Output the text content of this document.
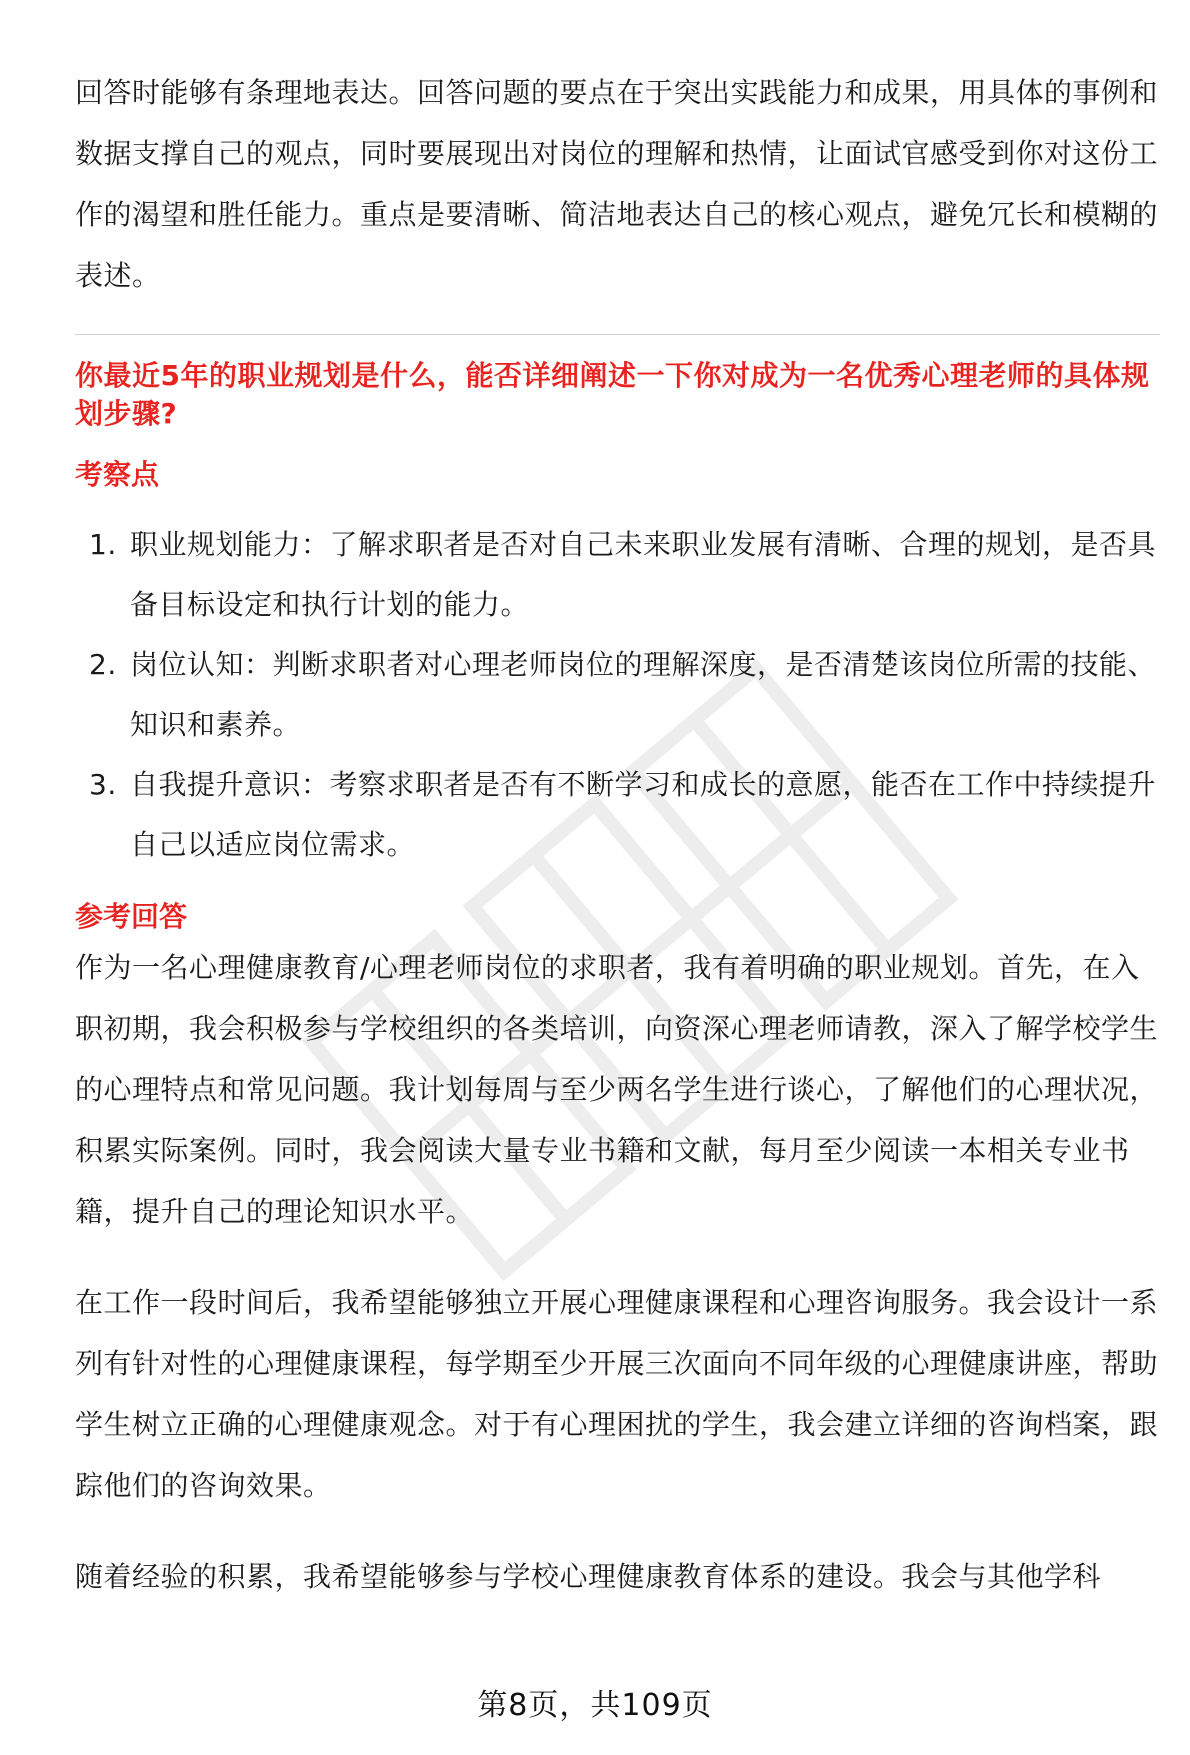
回答时能够有条理地表达。回答问题的要点在于突出实践能力和成果，用具体的事例和数据支撑自己的观点，同时要展现出对岗位的理解和热情，让面试官感受到你对这份工作的渴望和胜任能力。重点是要清晰、简洁地表达自己的核心观点，避免冗长和模糊的表述。

你最近5年的职业规划是什么，能否详细阐述一下你对成为一名优秀心理老师的具体规划步骤?
考察点
1. 职业规划能力：了解求职者是否对自己未来职业发展有清晰、合理的规划，是否具备目标设定和执行计划的能力。
2. 岗位认知：判断求职者对心理老师岗位的理解深度，是否清楚该岗位所需的技能、知识和素养。
3. 自我提升意识：考察求职者是否有不断学习和成长的意愿，能否在工作中持续提升自己以适应岗位需求。
参考回答

作为一名心理健康教育/心理老师岗位的求职者，我有着明确的职业规划。首先，在入职初期，我会积极参与学校组织的各类培训，向资深心理老师请教，深入了解学校学生的心理特点和常见问题。我计划每周与至少两名学生进行谈心，了解他们的心理状况，积累实际案例。同时，我会阅读大量专业书籍和文献，每月至少阅读一本相关专业书籍，提升自己的理论知识水平。

在工作一段时间后，我希望能够独立开展心理健康课程和心理咨询服务。我会设计一系列有针对性的心理健康课程，每学期至少开展三次面向不同年级的心理健康讲座，帮助学生树立正确的心理健康观念。对于有心理困扰的学生，我会建立详细的咨询档案，跟踪他们的咨询效果。

随着经验的积累，我希望能够参与学校心理健康教育体系的建设。我会与其他学科

第8页，共109页
